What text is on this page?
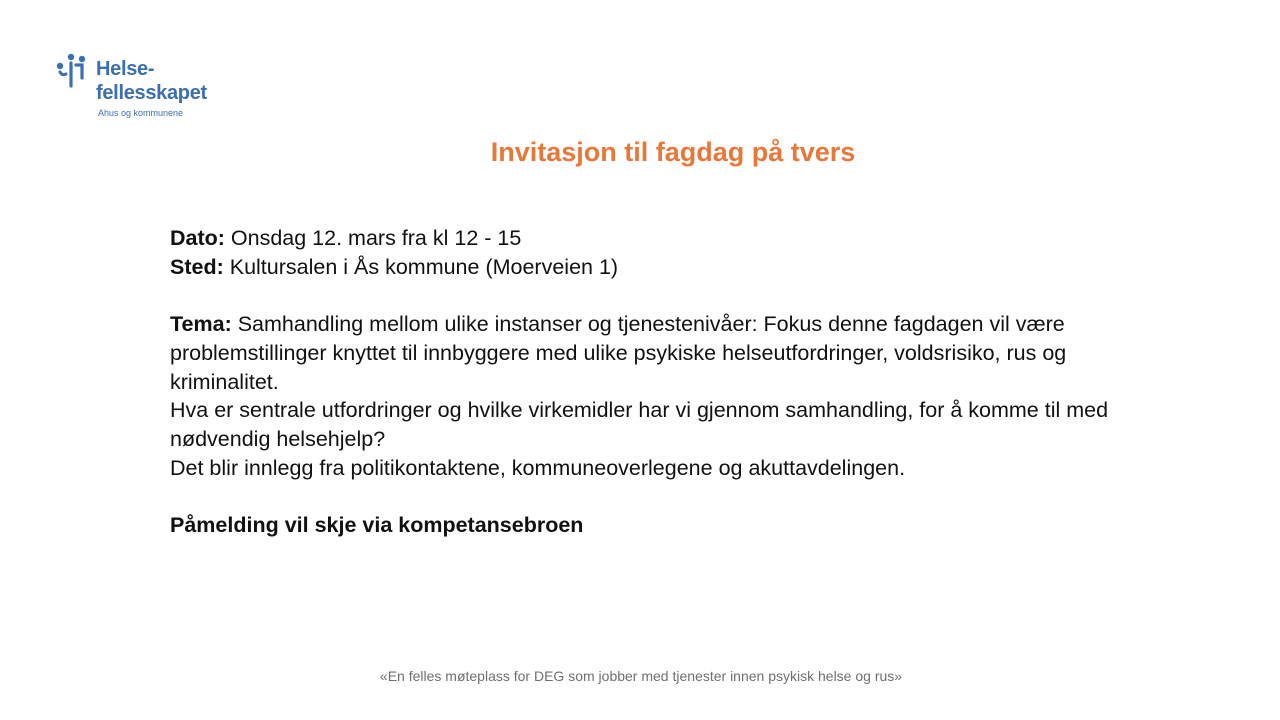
Helse-
fellesskapet
Ahus og kommunene
Invitasjon til fagdag på tvers

Dato: Onsdag 12. mars fra kl 12 - 15

Sted: Kultursalen i Ås kommune (Moerveien 1)

Tema: Samhandling mellom ulike instanser og tjenestenivåer: Fokus denne fagdagen vil være problemstillinger knyttet til innbyggere med ulike psykiske helseutfordringer, voldsrisiko, rus og kriminalitet.

Hva er sentrale utfordringer og hvilke virkemidler har vi gjennom samhandling, for å komme til med nødvendig helsehjelp?

Det blir innlegg fra politikontaktene, kommuneoverlegene og akuttavdelingen.

Påmelding vil skje via kompetansebroen

«En felles møteplass for DEG som jobber med tjenester innen psykisk helse og rus»
